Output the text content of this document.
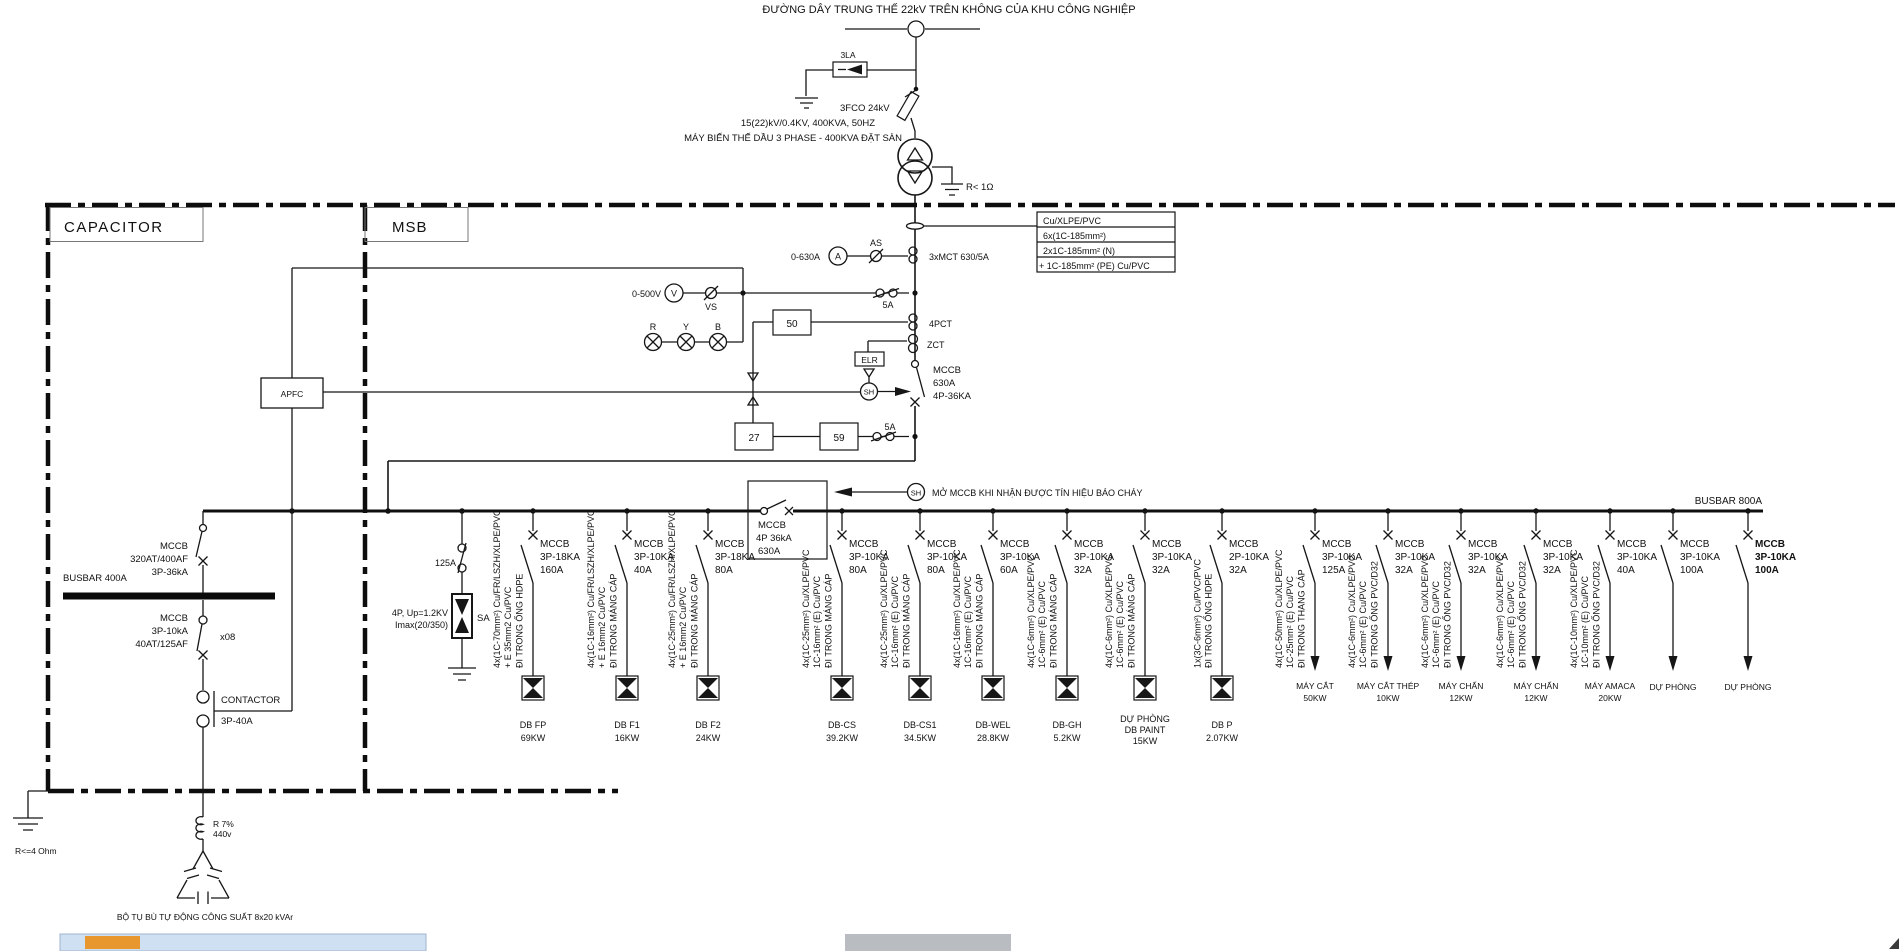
ĐƯỜNG DÂY TRUNG THẾ 22kV TRÊN KHÔNG CỦA KHU CÔNG NGHIỆP
3LA
3FCO 24kV
15(22)kV/0.4KV, 400KVA, 50HZ
MÁY BIẾN THẾ DẦU 3 PHASE - 400KVA ĐẶT SÀN
R< 1Ω
CAPACITOR	MSB
R<=4 Ohm
Cu/XLPE/PVC
6x(1C-185mm²)
2x1C-185mm² (N)
+ 1C-185mm² (PE) Cu/PVC
3xMCT 630/5A
A
0-630A
AS
VS
V
0-500V
5A
R	Y	B	50	4PCT
ZCT
ELR
SH
MCCB
630A
4P-36KA
27	59
5A
BUSBAR 800A
MCCB
4P 36kA
630A
SH MỞ MCCB KHI NHẬN ĐƯỢC TÍN HIỆU BÁO CHÁY
125A
SA
4P, Up=1.2KV
Imax(20/350)
MCCB
320AT/400AF
3P-36kA
BUSBAR 400A
MCCB
3P-10kA
40AT/125AF
x08
CONTACTOR
3P-40A
R 7%
440v
BỘ TỤ BÙ TỰ ĐỘNG CÔNG SUẤT 8x20 kVAr
APFC
MCCB
3P-18KA
160A
4x(1C-70mm²) Cu/FR/LSZH/XLPE/PVC + E 35mm2 Cu/PVC ĐI TRONG ỐNG HDPE
DB FP
69KW
MCCB
3P-10KA
40A
4x(1C-16mm²) Cu/FR/LSZH/XLPE/PVC + E 16mm2 Cu/PVC ĐI TRONG MÁNG CÁP
DB F1
16KW
MCCB
3P-18KA
80A
4x(1C-25mm²) Cu/FR/LSZH/XLPE/PVC + E 16mm2 Cu/PVC ĐI TRONG MÁNG CÁP
DB F2
24KW
MCCB
3P-10KA
80A
4x(1C-25mm²) Cu/XLPE/PVC 1C-16mm² (E) Cu/PVC ĐI TRONG MÁNG CÁP
DB-CS
39.2KW
MCCB
3P-10KA
80A
4x(1C-25mm²) Cu/XLPE/PVC 1C-16mm² (E) Cu/PVC ĐI TRONG MÁNG CÁP
DB-CS1
34.5KW
MCCB
3P-10KA
60A
4x(1C-16mm²) Cu/XLPE/PVC 1C-16mm² (E) Cu/PVC ĐI TRONG MÁNG CÁP
DB-WEL
28.8KW
MCCB
3P-10KA
32A
4x(1C-6mm²) Cu/XLPE/PVC 1C-6mm² (E) Cu/PVC ĐI TRONG MÁNG CÁP
DB-GH
5.2KW
MCCB
3P-10KA
32A
4x(1C-6mm²) Cu/XLPE/PVC 1C-6mm² (E) Cu/PVC ĐI TRONG MÁNG CÁP
DỰ PHÒNG
DB PAINT
15KW
MCCB
2P-10KA
32A
1x(3C-6mm²) Cu/PVC/PVC ĐI TRONG ỐNG HDPE
DB P
2.07KW
MCCB
3P-10KA
125A
4x(1C-50mm²) Cu/XLPE/PVC 1C-25mm² (E) Cu/PVC ĐI TRONG THANG CÁP
MÁY CẮT
50KW
MCCB
3P-10KA
32A
4x(1C-6mm²) Cu/XLPE/PVC 1C-6mm² (E) Cu/PVC ĐI TRONG ỐNG PVC/D32
MÁY CẮT THÉP
10KW
MCCB
3P-10KA
32A
4x(1C-6mm²) Cu/XLPE/PVC 1C-6mm² (E) Cu/PVC ĐI TRONG ỐNG PVC/D32
MÁY CHẤN
12KW
MCCB
3P-10KA
32A
4x(1C-6mm²) Cu/XLPE/PVC 1C-6mm² (E) Cu/PVC ĐI TRONG ỐNG PVC/D32
MÁY CHẤN
12KW
MCCB
3P-10KA
40A
4x(1C-10mm²) Cu/XLPE/PVC 1C-10mm² (E) Cu/PVC ĐI TRONG ỐNG PVC/D32
MÁY AMACA
20KW
MCCB
3P-10KA
100A
DỰ PHÒNG
MCCB
3P-10KA
100A
DỰ PHÒNG
